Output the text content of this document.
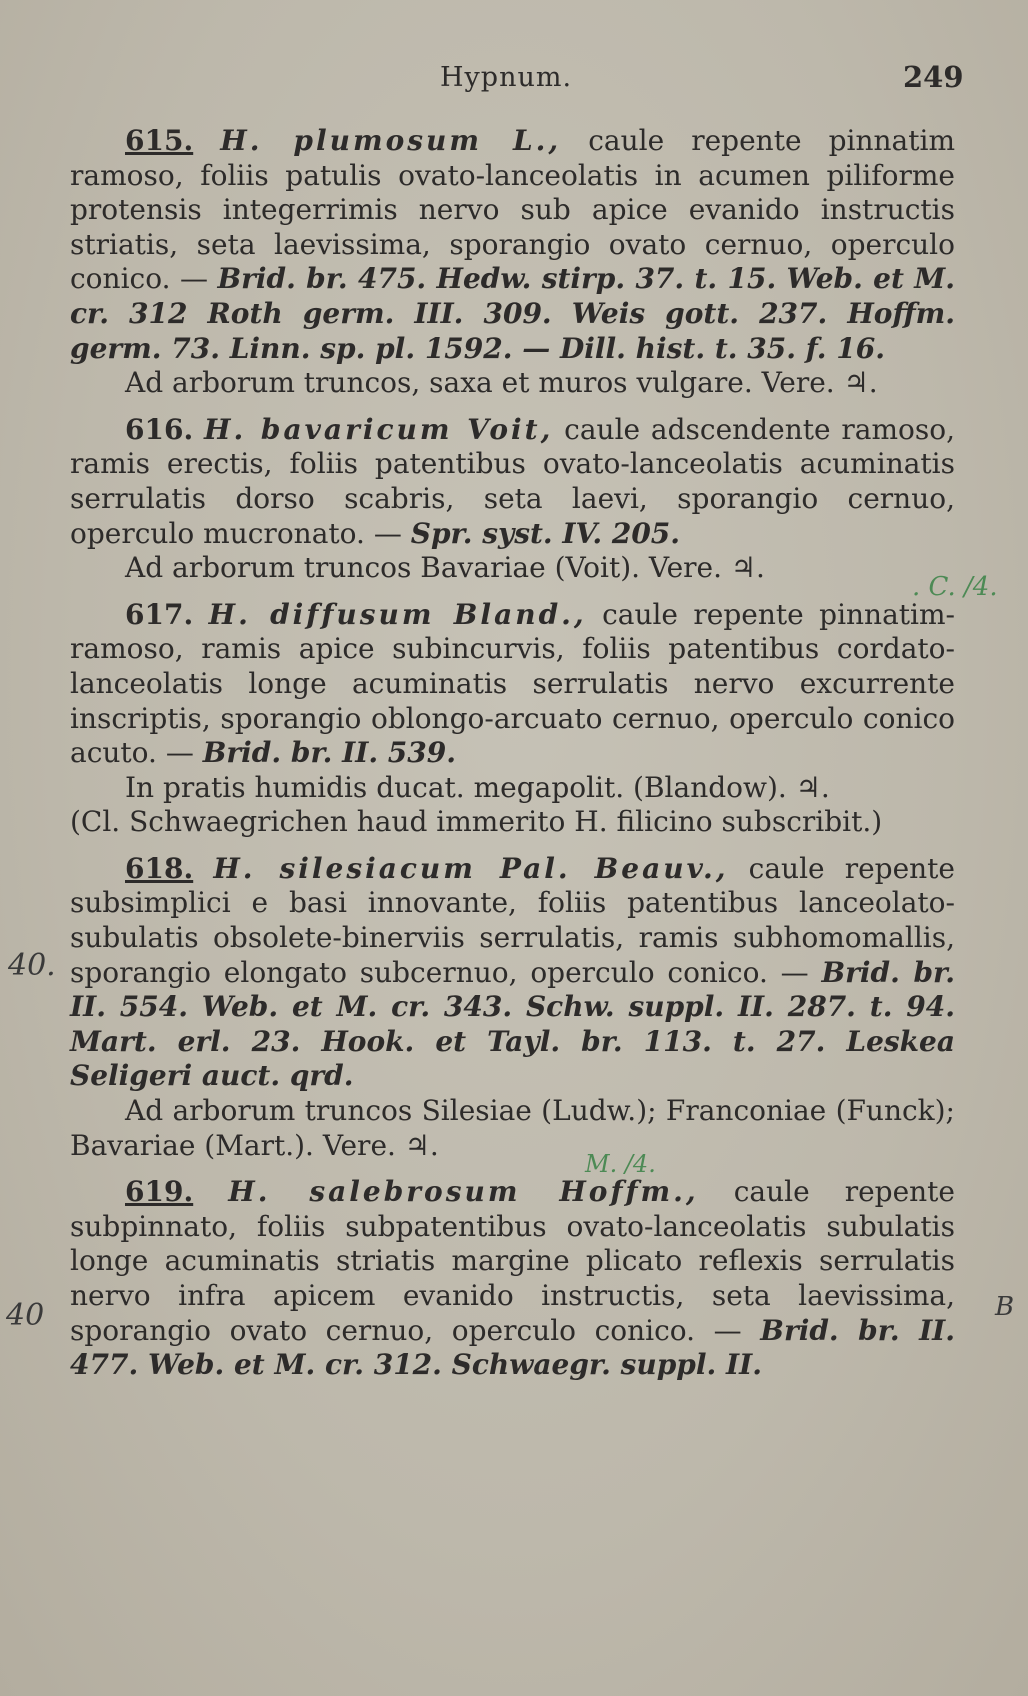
Hypnum.	249

615. H. plumosum L., caule repente pinnatim ramoso, foliis patulis ovato-lanceolatis in acumen piliforme protensis integerrimis nervo sub apice evanido instructis striatis, seta laevissima, sporangio ovato cernuo, operculo conico. — Brid. br. 475. Hedw. stirp. 37. t. 15. Web. et M. cr. 312 Roth germ. III. 309. Weis gott. 237. Hoffm. germ. 73. Linn. sp. pl. 1592. — Dill. hist. t. 35. f. 16.

Ad arborum truncos, saxa et muros vulgare. Vere. ♃.

616. H. bavaricum Voit, caule adscendente ramoso, ramis erectis, foliis patentibus ovato-lanceolatis acuminatis serrulatis dorso scabris, seta laevi, sporangio cernuo, operculo mucronato. — Spr. syst. IV. 205.

Ad arborum truncos Bavariae (Voit). Vere. ♃.

617. H. diffusum Bland., caule repente pinnatim-ramoso, ramis apice subincurvis, foliis patentibus cordato-lanceolatis longe acuminatis serrulatis nervo excurrente inscriptis, sporangio oblongo-arcuato cernuo, operculo conico acuto. — Brid. br. II. 539.

In pratis humidis ducat. megapolit. (Blandow). ♃.

(Cl. Schwaegrichen haud immerito H. filicino subscribit.)

618. H. silesiacum Pal. Beauv., caule repente subsimplici e basi innovante, foliis patentibus lanceolato-subulatis obsolete-binerviis serrulatis, ramis subhomomallis, sporangio elongato subcernuo, operculo conico. — Brid. br. II. 554. Web. et M. cr. 343. Schw. suppl. II. 287. t. 94. Mart. erl. 23. Hook. et Tayl. br. 113. t. 27. Leskea Seligeri auct. qrd.

Ad arborum truncos Silesiae (Ludw.); Franconiae (Funck); Bavariae (Mart.). Vere. ♃.

619. H. salebrosum Hoffm., caule repente subpinnato, foliis subpatentibus ovato-lanceolatis subulatis longe acuminatis striatis margine plicato reflexis serrulatis nervo infra apicem evanido instructis, seta laevissima, sporangio ovato cernuo, operculo conico. — Brid. br. II. 477. Web. et M. cr. 312. Schwaegr. suppl. II.

. C. /4.
40.
M. /4.
40	B
